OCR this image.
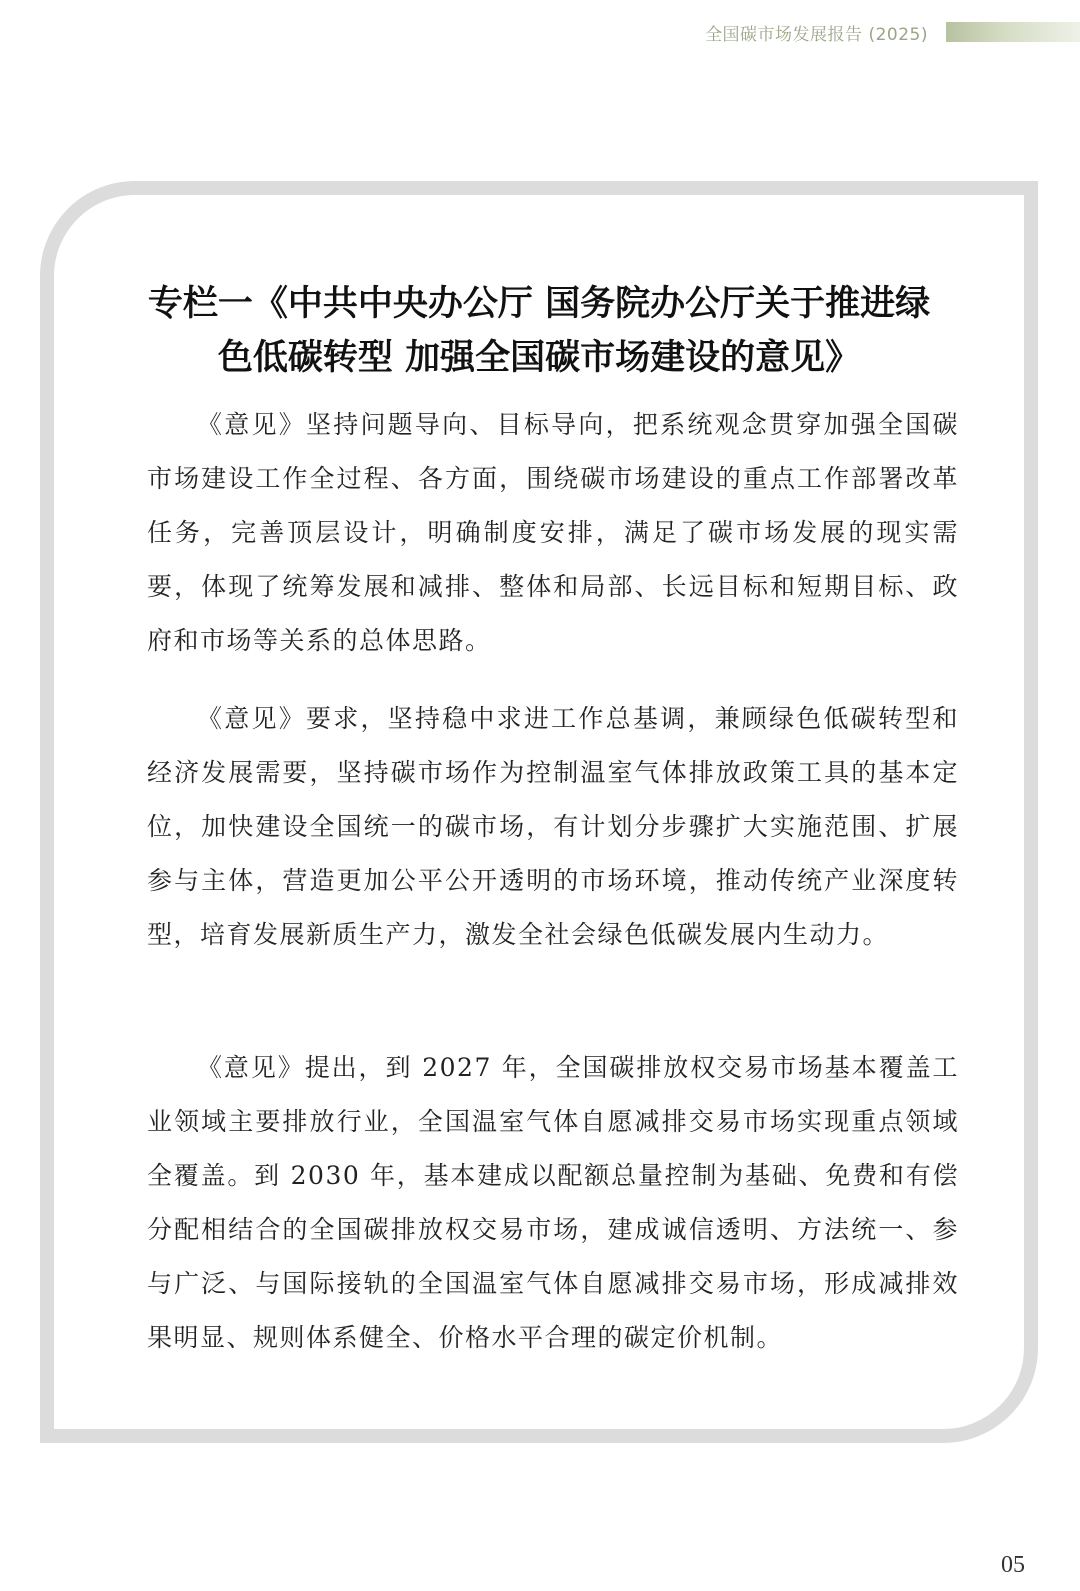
全国碳市场发展报告 (2025)
专栏一《中共中央办公厅 国务院办公厅关于推进绿
色低碳转型 加强全国碳市场建设的意见》

《意见》坚持问题导向、目标导向，把系统观念贯穿加强全国碳市场建设工作全过程、各方面，围绕碳市场建设的重点工作部署改革任务，完善顶层设计，明确制度安排，满足了碳市场发展的现实需要，体现了统筹发展和减排、整体和局部、长远目标和短期目标、政府和市场等关系的总体思路。

《意见》要求，坚持稳中求进工作总基调，兼顾绿色低碳转型和经济发展需要，坚持碳市场作为控制温室气体排放政策工具的基本定位，加快建设全国统一的碳市场，有计划分步骤扩大实施范围、扩展参与主体，营造更加公平公开透明的市场环境，推动传统产业深度转型，培育发展新质生产力，激发全社会绿色低碳发展内生动力。

《意见》提出，到 2027 年，全国碳排放权交易市场基本覆盖工业领域主要排放行业，全国温室气体自愿减排交易市场实现重点领域全覆盖。到 2030 年，基本建成以配额总量控制为基础、免费和有偿分配相结合的全国碳排放权交易市场，建成诚信透明、方法统一、参与广泛、与国际接轨的全国温室气体自愿减排交易市场，形成减排效果明显、规则体系健全、价格水平合理的碳定价机制。

05
